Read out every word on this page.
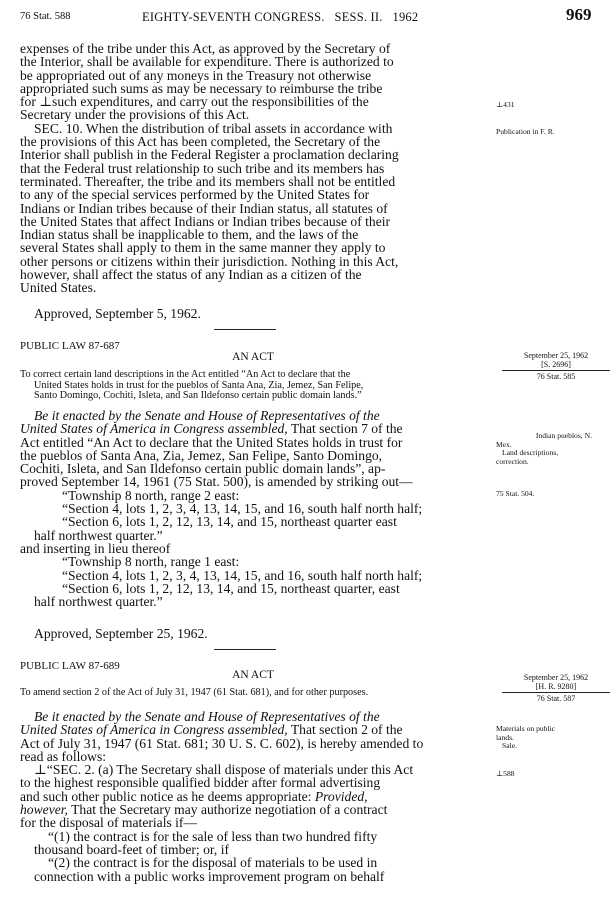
76 Stat. 588	EIGHTY-SEVENTH CONGRESS.   SESS. II.   1962	969

expenses of the tribe under this Act, as approved by the Secretary of

the Interior, shall be available for expenditure. There is authorized to

be appropriated out of any moneys in the Treasury not otherwise

appropriated such sums as may be necessary to reimburse the tribe

for ⊥such expenditures, and carry out the responsibilities of the

Secretary under the provisions of this Act.

SEC. 10. When the distribution of tribal assets in accordance with

the provisions of this Act has been completed, the Secretary of the

Interior shall publish in the Federal Register a proclamation declaring

that the Federal trust relationship to such tribe and its members has

terminated. Thereafter, the tribe and its members shall not be entitled

to any of the special services performed by the United States for

Indians or Indian tribes because of their Indian status, all statutes of

the United States that affect Indians or Indian tribes because of their

Indian status shall be inapplicable to them, and the laws of the

several States shall apply to them in the same manner they apply to

other persons or citizens within their jurisdiction. Nothing in this Act,

however, shall affect the status of any Indian as a citizen of the

United States.

⊥431
Publication in F. R.
Approved, September 5, 1962.
PUBLIC LAW 87-687
AN ACT
To correct certain land descriptions in the Act entitled “An Act to declare that the
United States holds in trust for the pueblos of Santa Ana, Zia, Jemez, San Felipe,
Santo Domingo, Cochiti, Isleta, and San Ildefonso certain public domain lands.”
September 25, 1962
[S. 2696]
76 Stat. 585

Be it enacted by the Senate and House of Representatives of the

United States of America in Congress assembled, That section 7 of the

Act entitled “An Act to declare that the United States holds in trust for

the pueblos of Santa Ana, Zia, Jemez, San Felipe, Santo Domingo,

Cochiti, Isleta, and San Ildefonso certain public domain lands”, ap-

proved September 14, 1961 (75 Stat. 500), is amended by striking out—

“Township 8 north, range 2 east:

“Section 4, lots 1, 2, 3, 4, 13, 14, 15, and 16, south half north half;

“Section 6, lots 1, 2, 12, 13, 14, and 15, northeast quarter east

half northwest quarter.”

and inserting in lieu thereof

“Township 8 north, range 1 east:

“Section 4, lots 1, 2, 3, 4, 13, 14, 15, and 16, south half north half;

“Section 6, lots 1, 2, 12, 13, 14, and 15, northeast quarter, east

half northwest quarter.”

Indian pueblos, N.
Mex.
Land descriptions,
correction.
75 Stat. 504.
Approved, September 25, 1962.
PUBLIC LAW 87-689
AN ACT
To amend section 2 of the Act of July 31, 1947 (61 Stat. 681), and for other purposes.
September 25, 1962
[H. R. 9280]
76 Stat. 587

Be it enacted by the Senate and House of Representatives of the

United States of America in Congress assembled, That section 2 of the

Act of July 31, 1947 (61 Stat. 681; 30 U. S. C. 602), is hereby amended to

read as follows:

⊥“SEC. 2. (a) The Secretary shall dispose of materials under this Act

to the highest responsible qualified bidder after formal advertising

and such other public notice as he deems appropriate: Provided,

however, That the Secretary may authorize negotiation of a contract

for the disposal of materials if—

“(1) the contract is for the sale of less than two hundred fifty

thousand board-feet of timber; or, if

“(2) the contract is for the disposal of materials to be used in

connection with a public works improvement program on behalf

Materials on public
lands.
Sale.
⊥588
